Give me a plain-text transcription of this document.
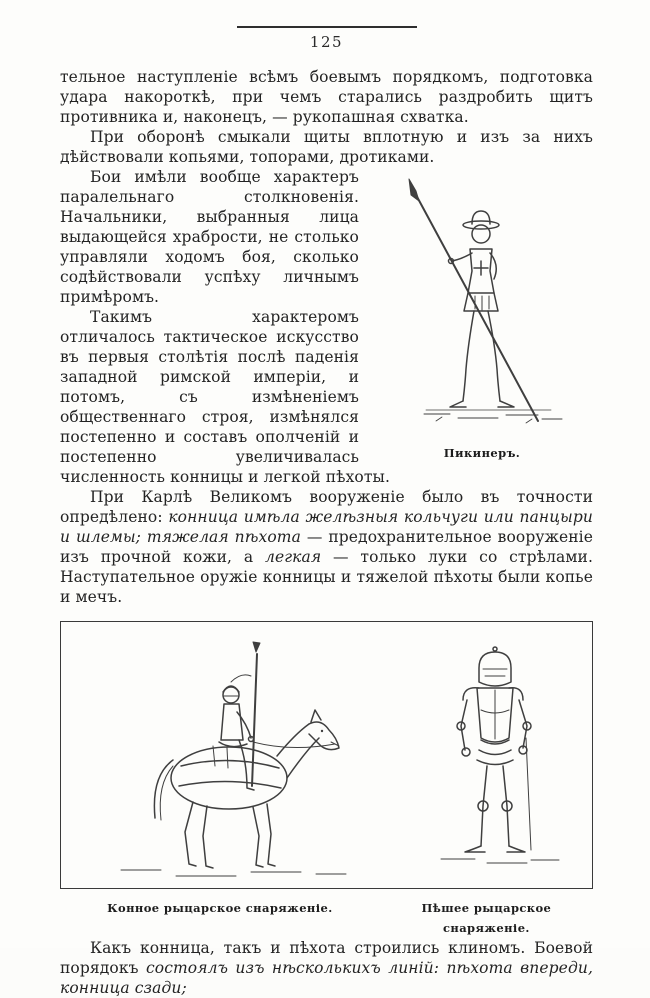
125

тельное наступленіе всѣмъ боевымъ порядкомъ, подготовка удара накороткѣ, при чемъ старались раздробить щитъ противника и, наконецъ, — рукопашная схватка.

При оборонѣ смыкали щиты вплотную и изъ за нихъ дѣйствовали копьями, топорами, дротиками.

Пикинеръ.

Бои имѣли вообще характеръ паралельнаго столкновенія. Начальники, выбранныя лица выдающейся храбрости, не столько управляли ходомъ боя, сколько содѣйствовали успѣху личнымъ примѣромъ.

Такимъ характеромъ отличалось тактическое искусство въ первыя столѣтія послѣ паденія западной римской имперіи, и потомъ, съ измѣненіемъ общественнаго строя, измѣнялся постепенно и составъ ополченій и постепенно увеличивалась численность конницы и легкой пѣхоты.

При Карлѣ Великомъ вооруженіе было въ точности опредѣлено: конница имѣла желѣзныя кольчуги или панцыри и шлемы; тяжелая пѣхота — предохранительное вооруженіе изъ прочной кожи, а легкая — только луки со стрѣлами. Наступательное оружіе конницы и тяжелой пѣхоты были копье и мечъ.

Конное рыцарское снаряженіе.	Пѣшее рыцарское снаряженіе.

Какъ конница, такъ и пѣхота строились клиномъ. Боевой порядокъ состоялъ изъ нѣсколькихъ линій: пѣхота впереди, конница сзади;
